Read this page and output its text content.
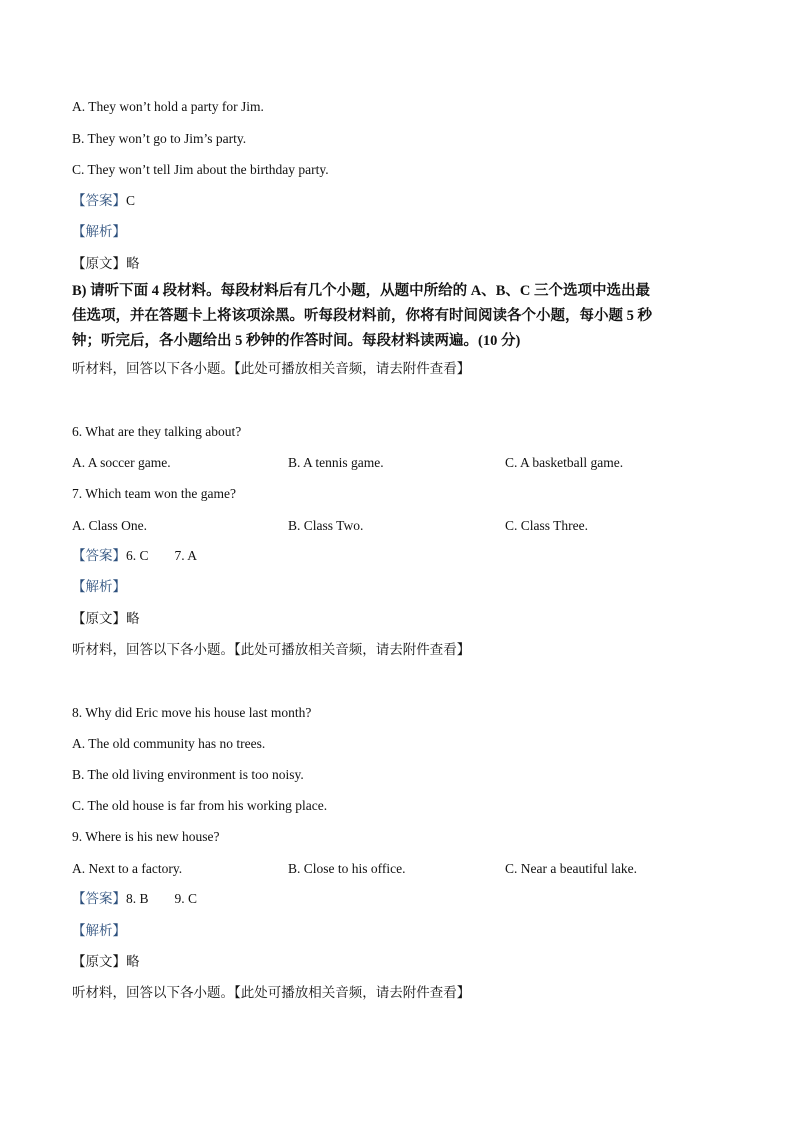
A. They won’t hold a party for Jim.
B. They won’t go to Jim’s party.
C. They won’t tell Jim about the birthday party.
【答案】C
【解析】
【原文】略
B) 请听下面 4 段材料。每段材料后有几个小题，从题中所给的 A、B、C 三个选项中选出最
佳选项，并在答题卡上将该项涂黑。听每段材料前，你将有时间阅读各个小题，每小题 5 秒
钟；听完后，各小题给出 5 秒钟的作答时间。每段材料读两遍。(10 分)
听材料，回答以下各小题。【此处可播放相关音频，请去附件查看】
6. What are they talking about?
A. A soccer game.	B. A tennis game.	C. A basketball game.
7. Which team won the game?
A. Class One.	B. Class Two.	C. Class Three.
【答案】6. C 7. A
【解析】
【原文】略
听材料，回答以下各小题。【此处可播放相关音频，请去附件查看】
8. Why did Eric move his house last month?
A. The old community has no trees.
B. The old living environment is too noisy.
C. The old house is far from his working place.
9. Where is his new house?
A. Next to a factory.	B. Close to his office.	C. Near a beautiful lake.
【答案】8. B 9. C
【解析】
【原文】略
听材料，回答以下各小题。【此处可播放相关音频，请去附件查看】
